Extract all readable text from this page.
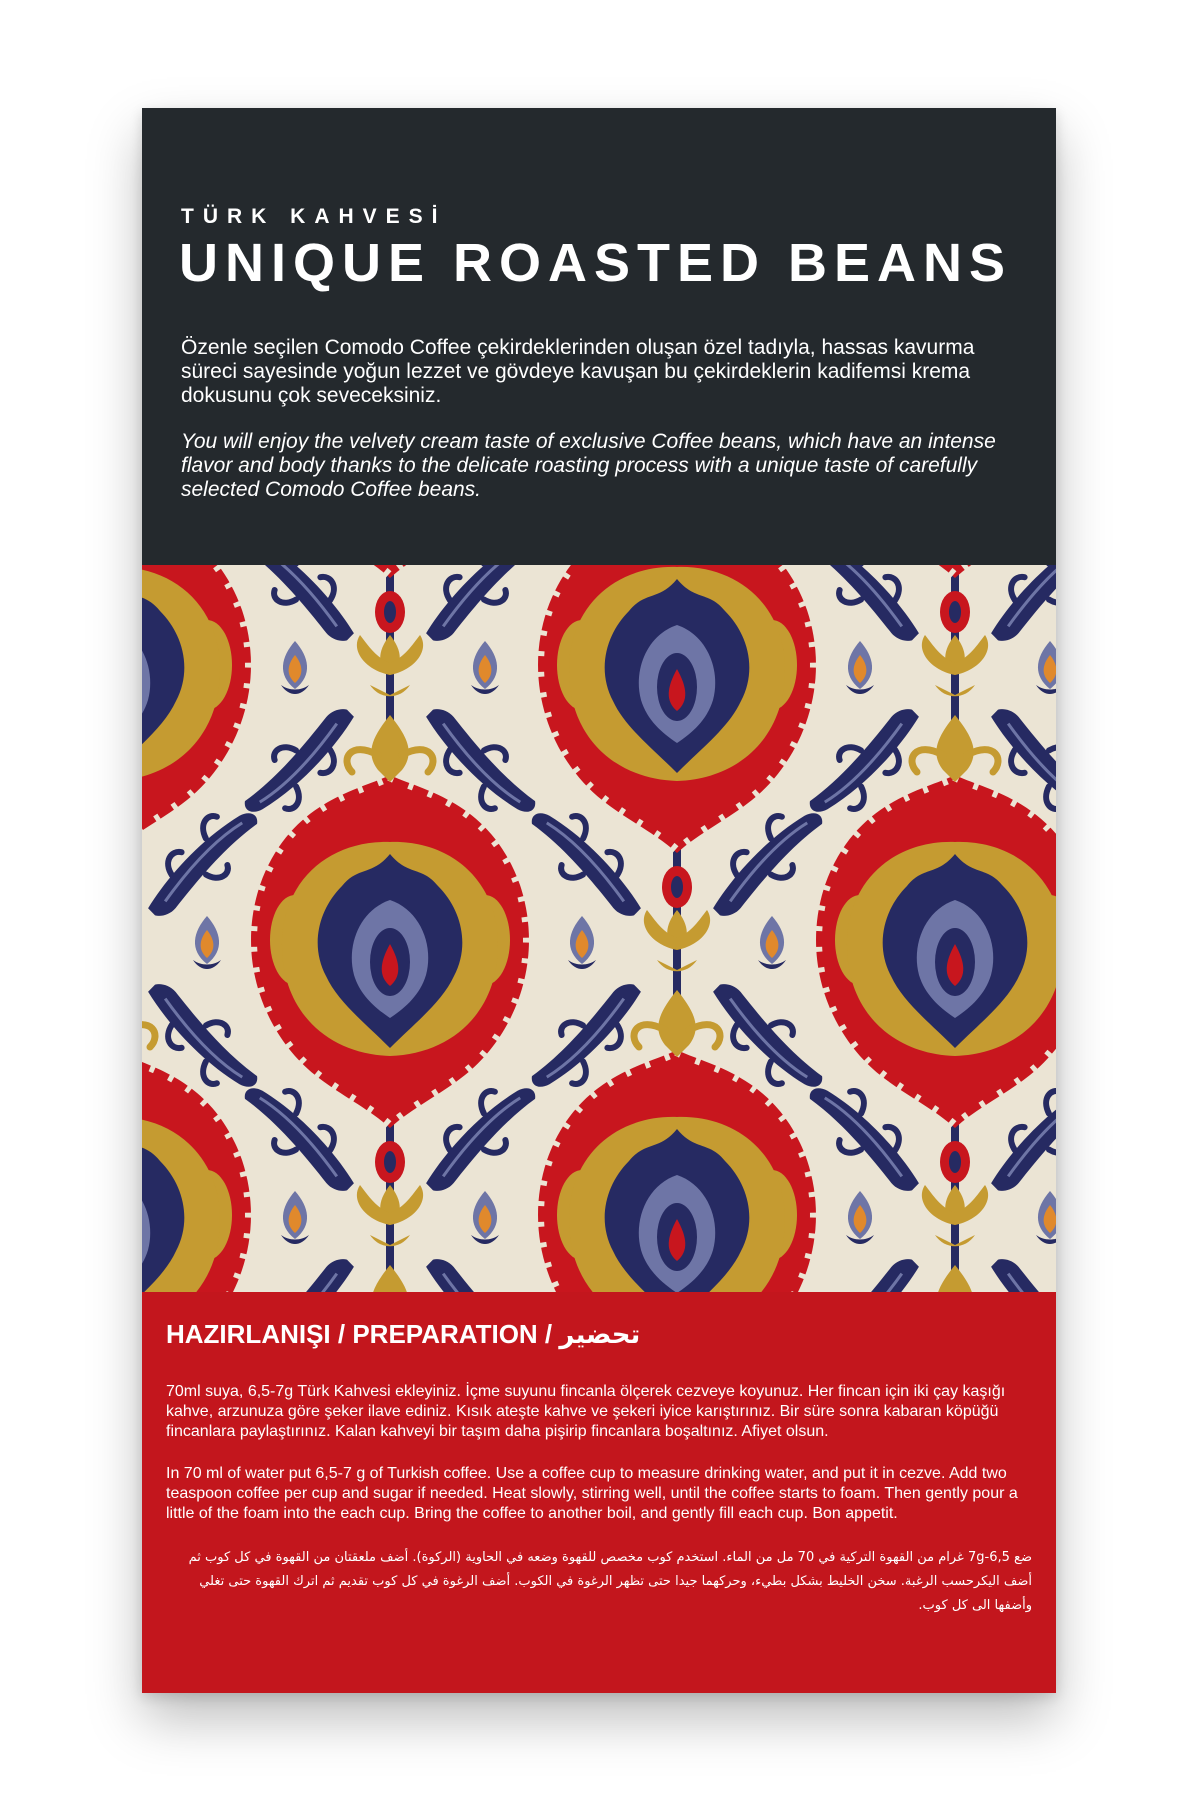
TÜRK KAHVESİ
UNIQUE ROASTED BEANS

Özenle seçilen Comodo Coffee çekirdeklerinden oluşan özel tadıyla, hassas kavurma süreci sayesinde yoğun lezzet ve gövdeye kavuşan bu çekirdeklerin kadifemsi krema dokusunu çok seveceksiniz.

You will enjoy the velvety cream taste of exclusive Coffee beans, which have an intense flavor and body thanks to the delicate roasting process with a unique taste of carefully selected Comodo Coffee beans.

HAZIRLANIŞI / PREPARATION / تحضير

70ml suya, 6,5-7g Türk Kahvesi ekleyiniz. İçme suyunu fincanla ölçerek cezveye koyunuz. Her fincan için iki çay kaşığı kahve, arzunuza göre şeker ilave ediniz. Kısık ateşte kahve ve şekeri iyice karıştırınız. Bir süre sonra kabaran köpüğü fincanlara paylaştırınız. Kalan kahveyi bir taşım daha pişirip fincanlara boşaltınız. Afiyet olsun.

In 70 ml of water put 6,5-7 g of Turkish coffee. Use a coffee cup to measure drinking water, and put it in cezve. Add two teaspoon coffee per cup and sugar if needed. Heat slowly, stirring well, until the coffee starts to foam. Then gently pour a little of the foam into the each cup. Bring the coffee to another boil, and gently fill each cup. Bon appetit.

ضع 6,5-7g غرام من القهوة التركية في 70 مل من الماء. استخدم كوب مخصص للقهوة وضعه في الحاوية (الركوة). أضف ملعقتان من القهوة في كل كوب ثم أضف اليكرحسب الرغبة. سخن الخليط بشكل بطيء، وحركهما جيدا حتى تظهر الرغوة في الكوب. أضف الرغوة في كل كوب تقديم ثم اترك القهوة حتى تغلي وأضفها الى كل كوب.
